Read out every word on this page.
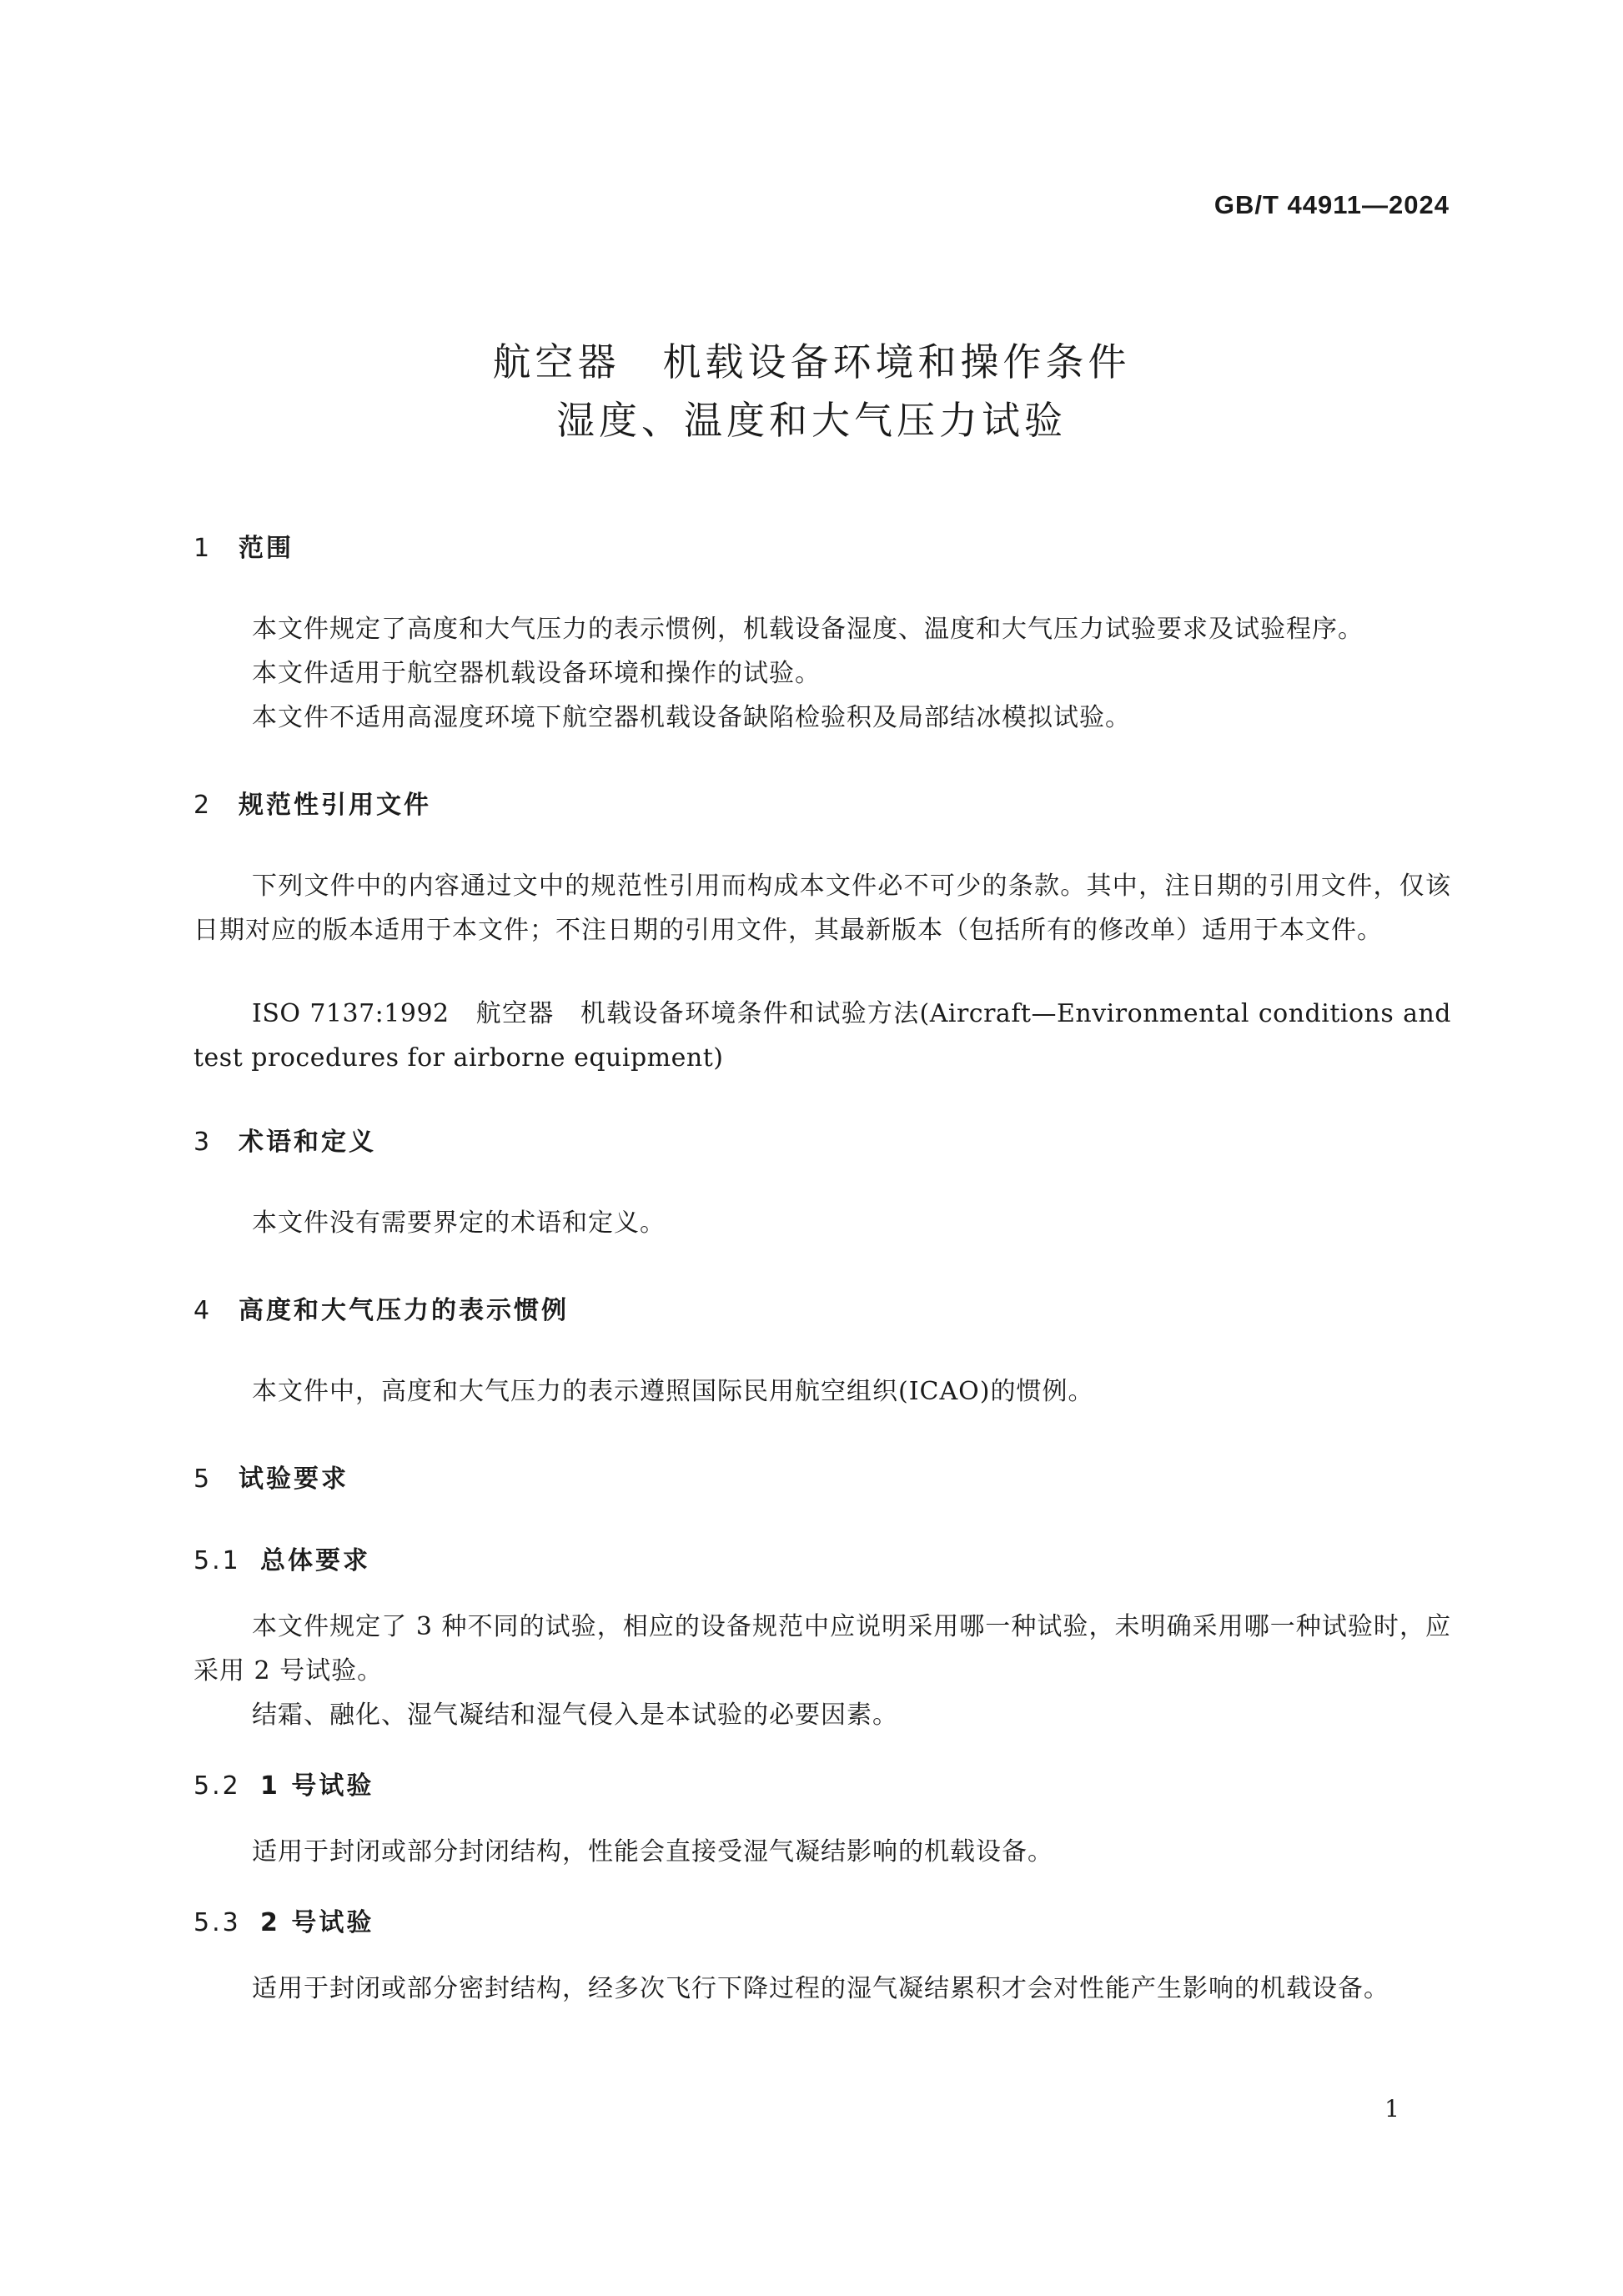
GB/T 44911—2024
航空器　机载设备环境和操作条件
湿度、温度和大气压力试验
1 范围
本文件规定了高度和大气压力的表示惯例，机载设备湿度、温度和大气压力试验要求及试验程序。
本文件适用于航空器机载设备环境和操作的试验。
本文件不适用高湿度环境下航空器机载设备缺陷检验积及局部结冰模拟试验。
2 规范性引用文件
下列文件中的内容通过文中的规范性引用而构成本文件必不可少的条款。其中，注日期的引用文件，仅该日期对应的版本适用于本文件；不注日期的引用文件，其最新版本（包括所有的修改单）适用于本文件。
ISO 7137:1992　航空器　机载设备环境条件和试验方法(Aircraft—Environmental conditions and test procedures for airborne equipment)
3 术语和定义
本文件没有需要界定的术语和定义。
4 高度和大气压力的表示惯例
本文件中，高度和大气压力的表示遵照国际民用航空组织(ICAO)的惯例。
5 试验要求
5.1 总体要求
本文件规定了 3 种不同的试验，相应的设备规范中应说明采用哪一种试验，未明确采用哪一种试验时，应采用 2 号试验。
结霜、融化、湿气凝结和湿气侵入是本试验的必要因素。
5.2 1 号试验
适用于封闭或部分封闭结构，性能会直接受湿气凝结影响的机载设备。
5.3 2 号试验
适用于封闭或部分密封结构，经多次飞行下降过程的湿气凝结累积才会对性能产生影响的机载设备。
1
